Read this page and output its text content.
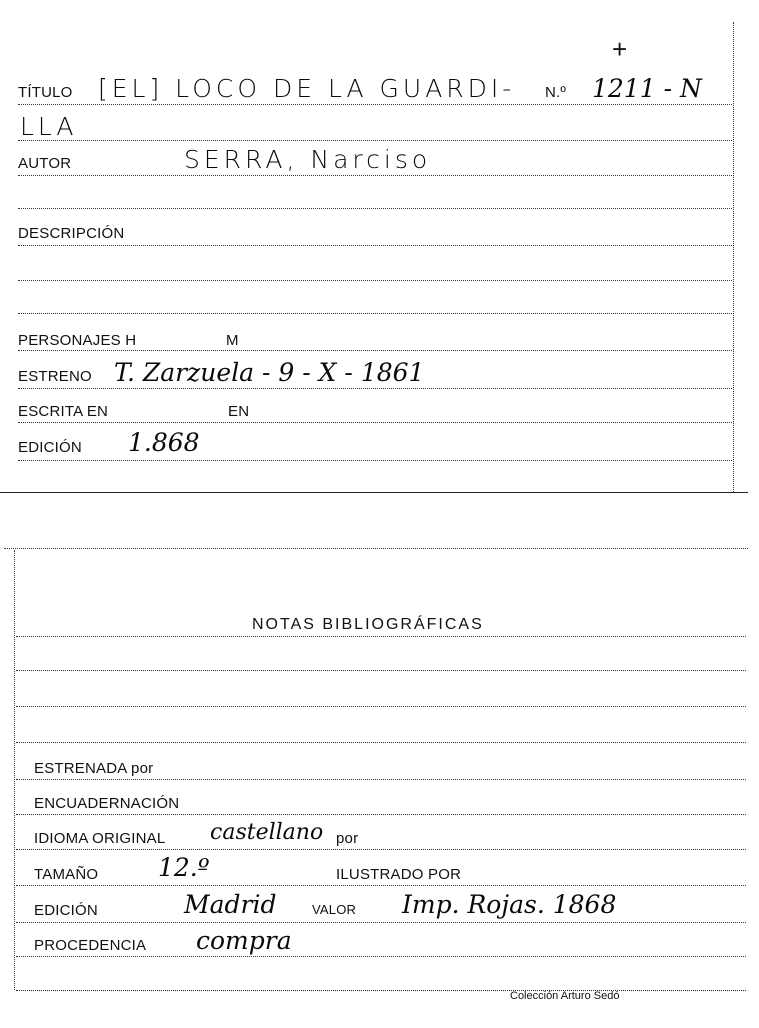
+
TÍTULO [EL] LOCO DE LA GUARDI- N.º 1211 - N
LLA
AUTOR	SERRA, Narciso
DESCRIPCIÓN
PERSONAJES H	M
ESTRENO T. Zarzuela - 9 - X - 1861
ESCRITA EN	EN
EDICIÓN 1.868
NOTAS BIBLIOGRÁFICAS
ESTRENADA por
ENCUADERNACIÓN
IDIOMA ORIGINAL castellano por
TAMAÑO 12.º	ILUSTRADO POR
EDICIÓN	Madrid	VALOR Imp. Rojas. 1868
PROCEDENCIA compra
Colección Arturo Sedó
